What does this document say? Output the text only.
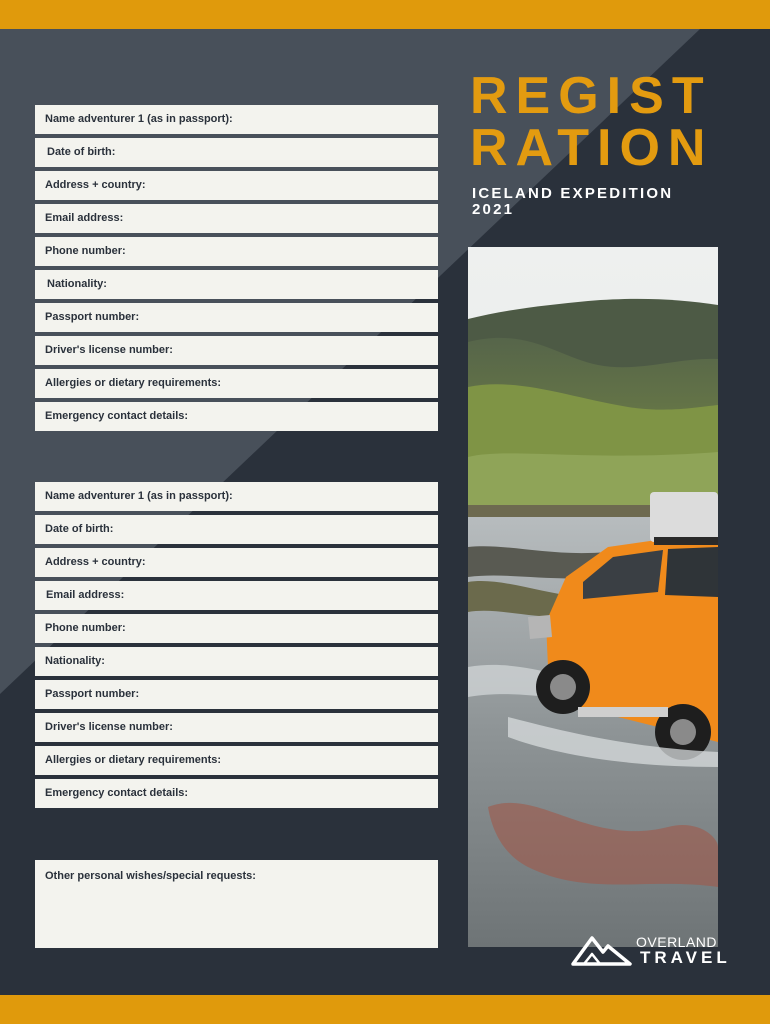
REGIST
RATION
ICELAND EXPEDITION
2021
Name adventurer 1 (as in passport):
Date of birth:
Address + country:
Email address:
Phone number:
Nationality:
Passport number:
Driver's license number:
Allergies or dietary requirements:
Emergency contact details:
Name adventurer 1 (as in passport):
Date of birth:
Address + country:
Email address:
Phone number:
Nationality:
Passport number:
Driver's license number:
Allergies or dietary requirements:
Emergency contact details:
Other personal wishes/special requests:
OVERLAND
TRAVEL
